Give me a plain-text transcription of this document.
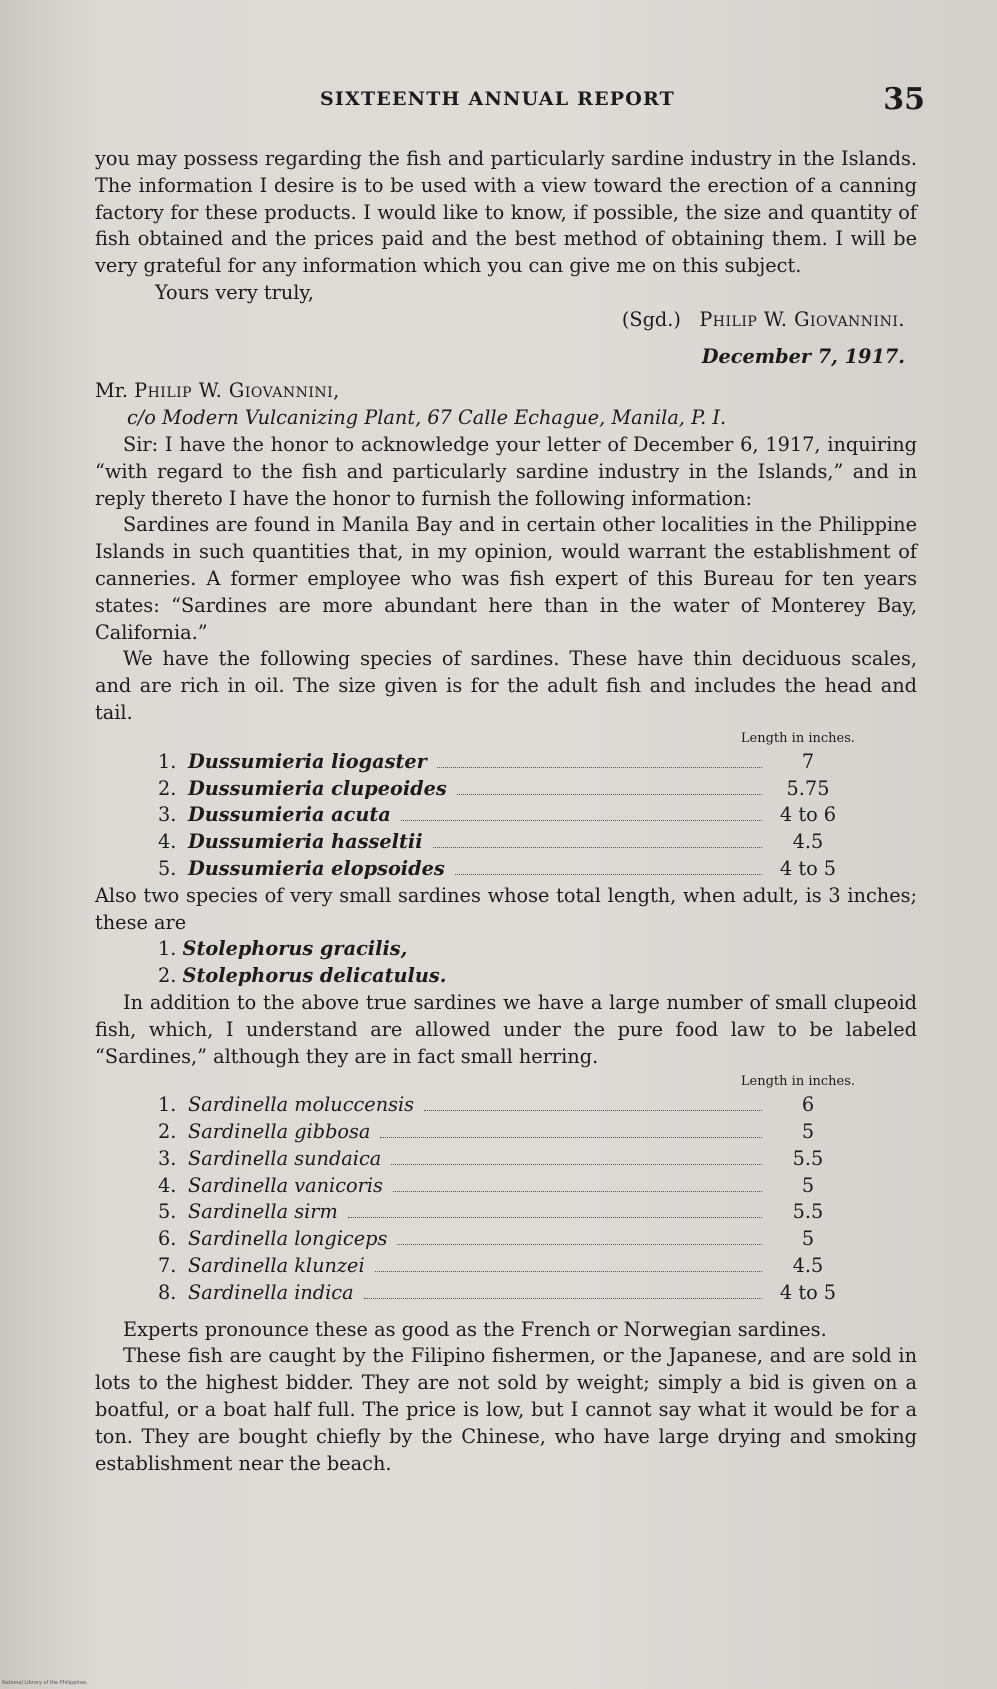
SIXTEENTH ANNUAL REPORT	35

you may possess regarding the fish and particularly sardine industry in the Islands. The information I desire is to be used with a view toward the erection of a canning factory for these products. I would like to know, if possible, the size and quantity of fish obtained and the prices paid and the best method of obtaining them. I will be very grateful for any information which you can give me on this subject.

Yours very truly,

(Sgd.) Philip W. Giovannini.

December 7, 1917.

Mr. Philip W. Giovannini,

c/o Modern Vulcanizing Plant, 67 Calle Echague, Manila, P. I.

Sir: I have the honor to acknowledge your letter of December 6, 1917, inquiring “with regard to the fish and particularly sardine industry in the Islands,” and in reply thereto I have the honor to furnish the following information:

Sardines are found in Manila Bay and in certain other localities in the Philippine Islands in such quantities that, in my opinion, would warrant the establishment of canneries. A former employee who was fish expert of this Bureau for ten years states: “Sardines are more abundant here than in the water of Monterey Bay, California.”

We have the following species of sardines. These have thin deciduous scales, and are rich in oil. The size given is for the adult fish and includes the head and tail.

Length in inches.
1. Dussumieria liogaster	7
2. Dussumieria clupeoides	5.75
3. Dussumieria acuta	4 to 6
4. Dussumieria hasseltii	4.5
5. Dussumieria elopsoides	4 to 5

Also two species of very small sardines whose total length, when adult, is 3 inches; these are

1. Stolephorus gracilis,
2. Stolephorus delicatulus.

In addition to the above true sardines we have a large number of small clupeoid fish, which, I understand are allowed under the pure food law to be labeled “Sardines,” although they are in fact small herring.

Length in inches.
1. Sardinella moluccensis	6
2. Sardinella gibbosa	5
3. Sardinella sundaica	5.5
4. Sardinella vanicoris	5
5. Sardinella sirm	5.5
6. Sardinella longiceps	5
7. Sardinella klunzei	4.5
8. Sardinella indica	4 to 5

Experts pronounce these as good as the French or Norwegian sardines.

These fish are caught by the Filipino fishermen, or the Japanese, and are sold in lots to the highest bidder. They are not sold by weight; simply a bid is given on a boatful, or a boat half full. The price is low, but I cannot say what it would be for a ton. They are bought chiefly by the Chinese, who have large drying and smoking establishment near the beach.

National Library of the Philippines
